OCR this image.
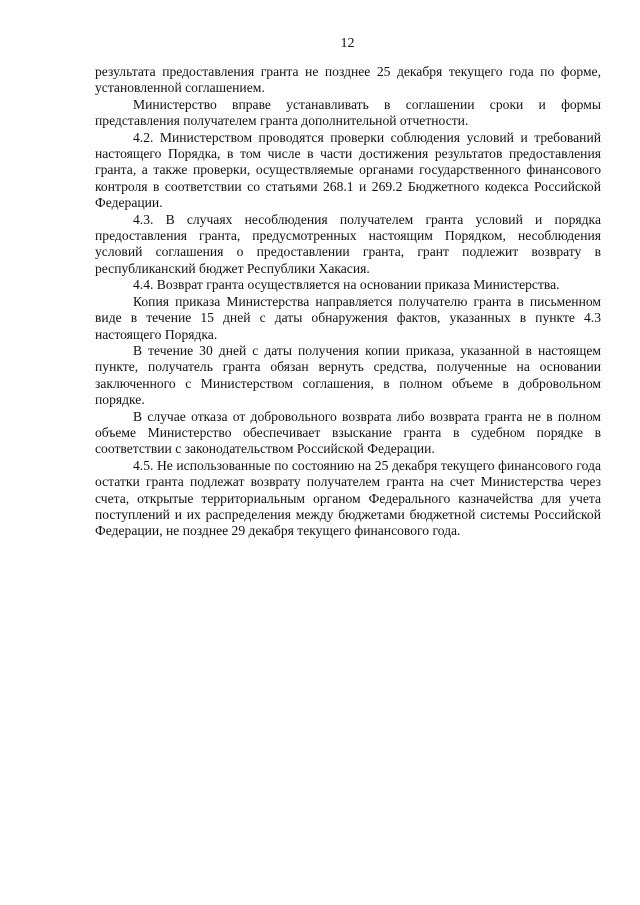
12

результата предоставления гранта не позднее 25 декабря текущего года по форме, установленной соглашением.

Министерство вправе устанавливать в соглашении сроки и формы представления получателем гранта дополнительной отчетности.

4.2. Министерством проводятся проверки соблюдения условий и требований настоящего Порядка, в том числе в части достижения результатов предоставления гранта, а также проверки, осуществляемые органами государственного финансового контроля в соответствии со статьями 268.1 и 269.2 Бюджетного кодекса Российской Федерации.

4.3. В случаях несоблюдения получателем гранта условий и порядка предоставления гранта, предусмотренных настоящим Порядком, несоблюдения условий соглашения о предоставлении гранта, грант подлежит возврату в республиканский бюджет Республики Хакасия.

4.4. Возврат гранта осуществляется на основании приказа Министерства.

Копия приказа Министерства направляется получателю гранта в письменном виде в течение 15 дней с даты обнаружения фактов, указанных в пункте 4.3 настоящего Порядка.

В течение 30 дней с даты получения копии приказа, указанной в настоящем пункте, получатель гранта обязан вернуть средства, полученные на основании заключенного с Министерством соглашения, в полном объеме в добровольном порядке.

В случае отказа от добровольного возврата либо возврата гранта не в полном объеме Министерство обеспечивает взыскание гранта в судебном порядке в соответствии с законодательством Российской Федерации.

4.5. Не использованные по состоянию на 25 декабря текущего финансового года остатки гранта подлежат возврату получателем гранта на счет Министерства через счета, открытые территориальным органом Федерального казначейства для учета поступлений и их распределения между бюджетами бюджетной системы Российской Федерации, не позднее 29 декабря текущего финансового года.
